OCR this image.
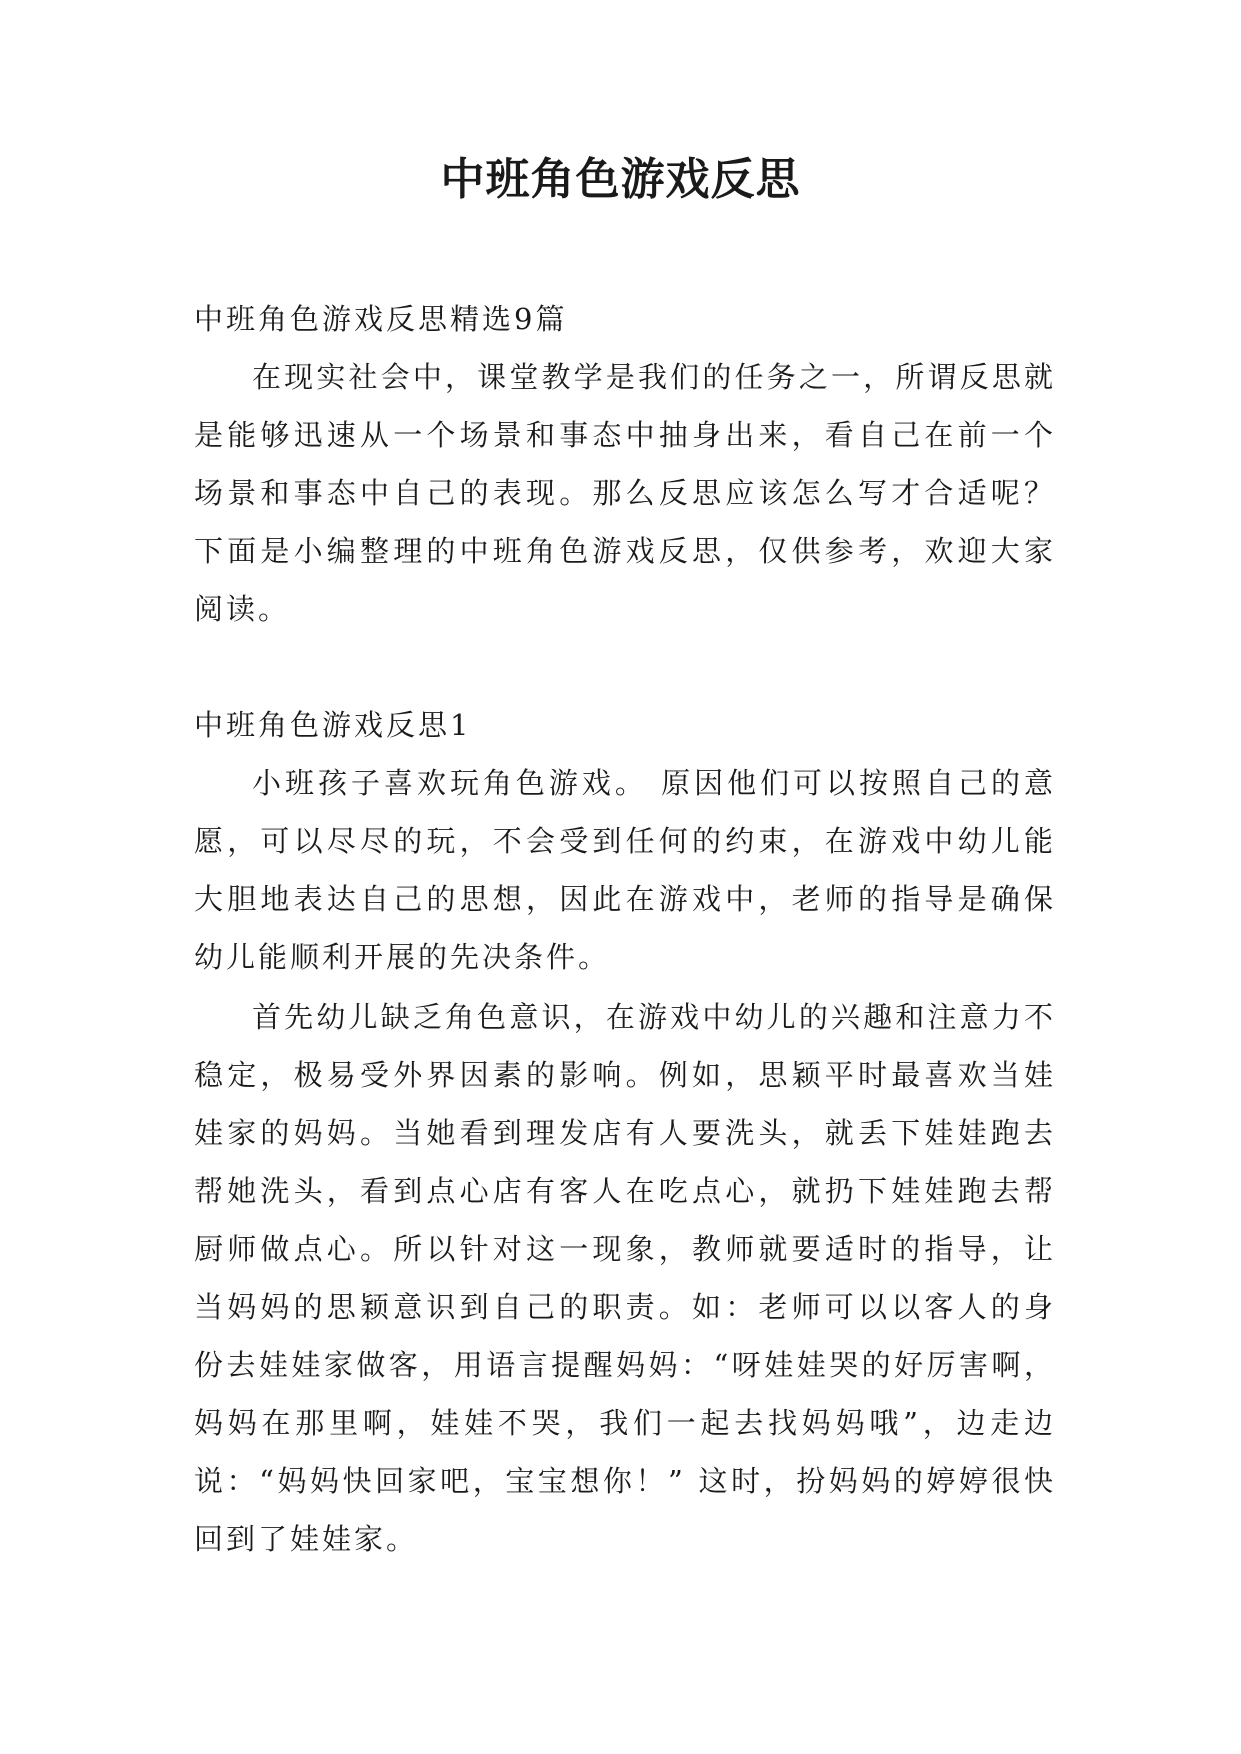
中班角色游戏反思

中班角色游戏反思精选9篇

在现实社会中，课堂教学是我们的任务之一，所谓反思就是能够迅速从一个场景和事态中抽身出来，看自己在前一个场景和事态中自己的表现。那么反思应该怎么写才合适呢？下面是小编整理的中班角色游戏反思，仅供参考，欢迎大家阅读。

中班角色游戏反思1

小班孩子喜欢玩角色游戏。 原因他们可以按照自己的意愿，可以尽尽的玩，不会受到任何的约束，在游戏中幼儿能大胆地表达自己的思想，因此在游戏中，老师的指导是确保幼儿能顺利开展的先决条件。

首先幼儿缺乏角色意识，在游戏中幼儿的兴趣和注意力不稳定，极易受外界因素的影响。例如，思颖平时最喜欢当娃娃家的妈妈。当她看到理发店有人要洗头，就丢下娃娃跑去帮她洗头，看到点心店有客人在吃点心，就扔下娃娃跑去帮厨师做点心。所以针对这一现象，教师就要适时的指导，让当妈妈的思颖意识到自己的职责。如：老师可以以客人的身份去娃娃家做客，用语言提醒妈妈：“呀娃娃哭的好厉害啊，妈妈在那里啊，娃娃不哭，我们一起去找妈妈哦”，边走边说：“妈妈快回家吧，宝宝想你！” 这时，扮妈妈的婷婷很快回到了娃娃家。
